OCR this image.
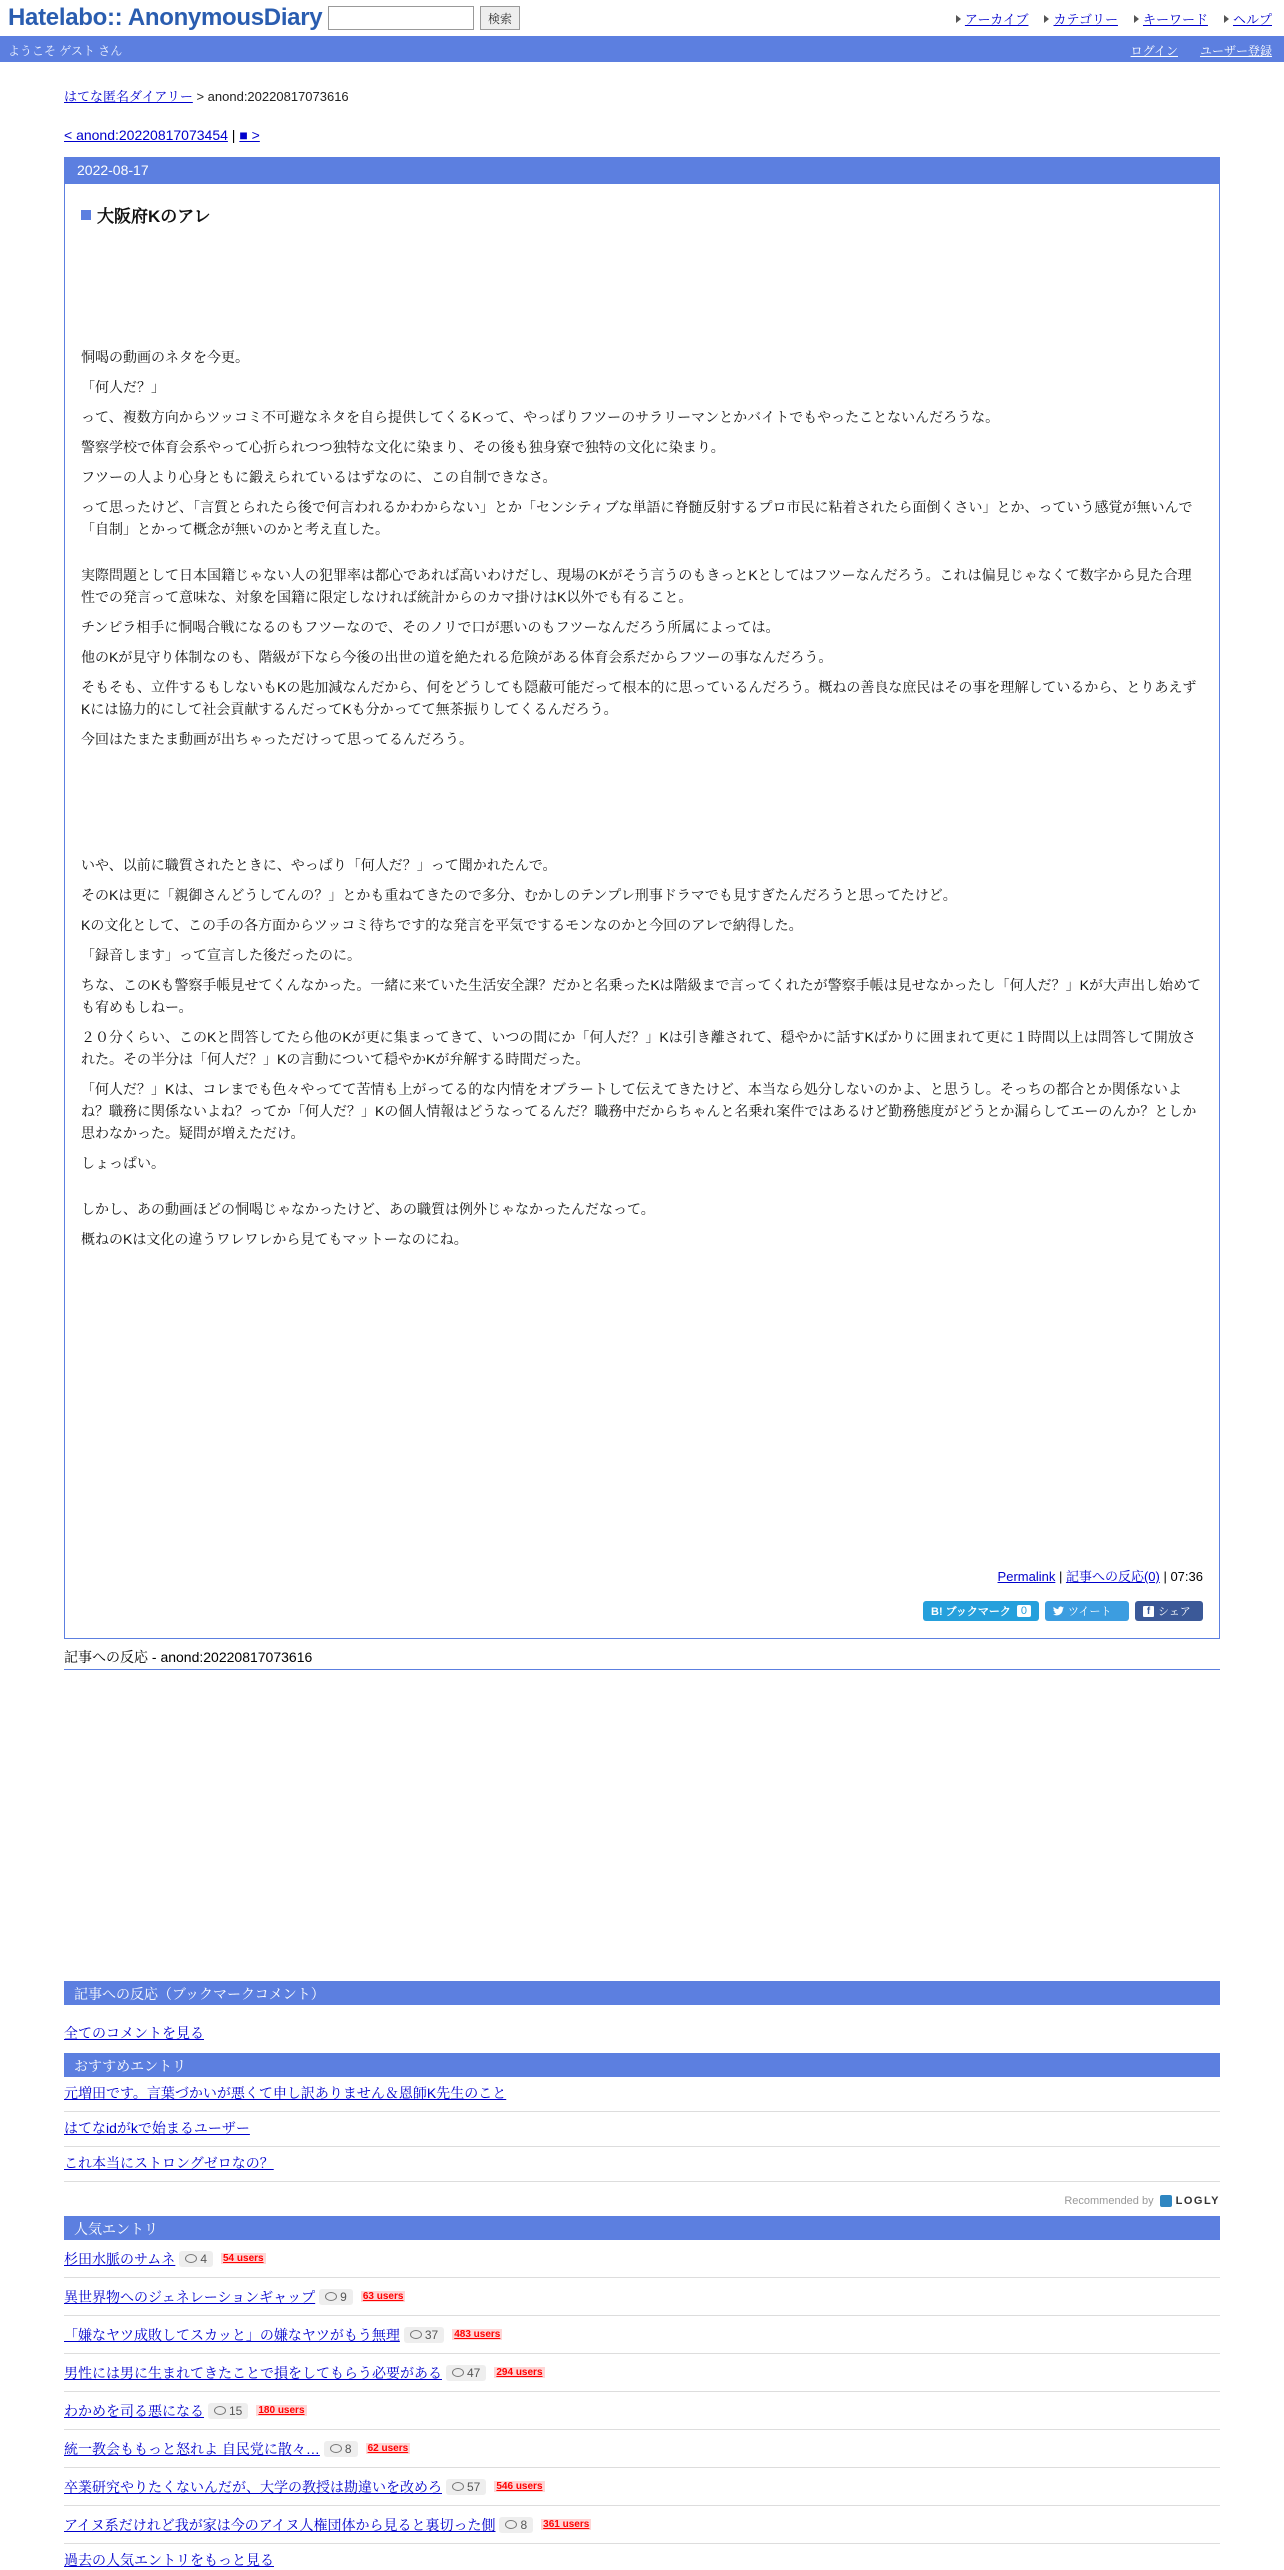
Hatelabo:: AnonymousDiary	検索	アーカイブ カテゴリー キーワード ヘルプ
ようこそ ゲスト さん	ログイン ユーザー登録
はてな匿名ダイアリー > anond:20220817073616
< anond:20220817073454 | ■ >
2022-08-17
大阪府Kのアレ

恫喝の動画のネタを今更。

「何人だ？」

って、複数方向からツッコミ不可避なネタを自ら提供してくるKって、やっぱりフツーのサラリーマンとかバイトでもやったことないんだろうな。

警察学校で体育会系やって心折られつつ独特な文化に染まり、その後も独身寮で独特の文化に染まり。

フツーの人より心身ともに鍛えられているはずなのに、この自制できなさ。

って思ったけど、「言質とられたら後で何言われるかわからない」とか「センシティブな単語に脊髄反射するプロ市民に粘着されたら面倒くさい」とか、っていう感覚が無いんで「自制」とかって概念が無いのかと考え直した。

実際問題として日本国籍じゃない人の犯罪率は都心であれば高いわけだし、現場のKがそう言うのもきっとKとしてはフツーなんだろう。これは偏見じゃなくて数字から見た合理性での発言って意味な、対象を国籍に限定しなければ統計からのカマ掛けはK以外でも有ること。

チンピラ相手に恫喝合戦になるのもフツーなので、そのノリで口が悪いのもフツーなんだろう所属によっては。

他のKが見守り体制なのも、階級が下なら今後の出世の道を絶たれる危険がある体育会系だからフツーの事なんだろう。

そもそも、立件するもしないもKの匙加減なんだから、何をどうしても隠蔽可能だって根本的に思っているんだろう。概ねの善良な庶民はその事を理解しているから、とりあえずKには協力的にして社会貢献するんだってKも分かってて無茶振りしてくるんだろう。

今回はたまたま動画が出ちゃっただけって思ってるんだろう。

いや、以前に職質されたときに、やっぱり「何人だ？」って聞かれたんで。

そのKは更に「親御さんどうしてんの？」とかも重ねてきたので多分、むかしのテンプレ刑事ドラマでも見すぎたんだろうと思ってたけど。

Kの文化として、この手の各方面からツッコミ待ちです的な発言を平気でするモンなのかと今回のアレで納得した。

「録音します」って宣言した後だったのに。

ちな、このKも警察手帳見せてくんなかった。一緒に来ていた生活安全課？だかと名乗ったKは階級まで言ってくれたが警察手帳は見せなかったし「何人だ？」Kが大声出し始めても宥めもしねー。

２０分くらい、このKと問答してたら他のKが更に集まってきて、いつの間にか「何人だ？」Kは引き離されて、穏やかに話すKばかりに囲まれて更に１時間以上は問答して開放された。その半分は「何人だ？」Kの言動について穏やかKが弁解する時間だった。

「何人だ？」Kは、コレまでも色々やってて苦情も上がってる的な内情をオブラートして伝えてきたけど、本当なら処分しないのかよ、と思うし。そっちの都合とか関係ないよね？職務に関係ないよね？ってか「何人だ？」Kの個人情報はどうなってるんだ？職務中だからちゃんと名乗れ案件ではあるけど勤務態度がどうとか漏らしてエーのんか？としか思わなかった。疑問が増えただけ。

しょっぱい。

しかし、あの動画ほどの恫喝じゃなかったけど、あの職質は例外じゃなかったんだなって。

概ねのKは文化の違うワレワレから見てもマットーなのにね。

Permalink | 記事への反応(0) | 07:36
B! ブックマーク 0	ツイート	f シェア
記事への反応 - anond:20220817073616
記事への反応（ブックマークコメント）
全てのコメントを見る
おすすめエントリ
元増田です。言葉づかいが悪くて申し訳ありません＆恩師K先生のこと
はてなidがkで始まるユーザー
これ本当にストロングゼロなの？
Recommended by LOGLY
人気エントリ
杉田水脈のサムネ 4 54 users
異世界物へのジェネレーションギャップ 9 63 users
「嫌なヤツ成敗してスカッと」の嫌なヤツがもう無理 37 483 users
男性には男に生まれてきたことで損をしてもらう必要がある 47 294 users
わかめを司る悪になる 15 180 users
統一教会ももっと怒れよ 自民党に散々… 8 62 users
卒業研究やりたくないんだが、大学の教授は勘違いを改めろ 57 546 users
アイヌ系だけれど我が家は今のアイヌ人権団体から見ると裏切った側 8 361 users
過去の人気エントリをもっと見る
